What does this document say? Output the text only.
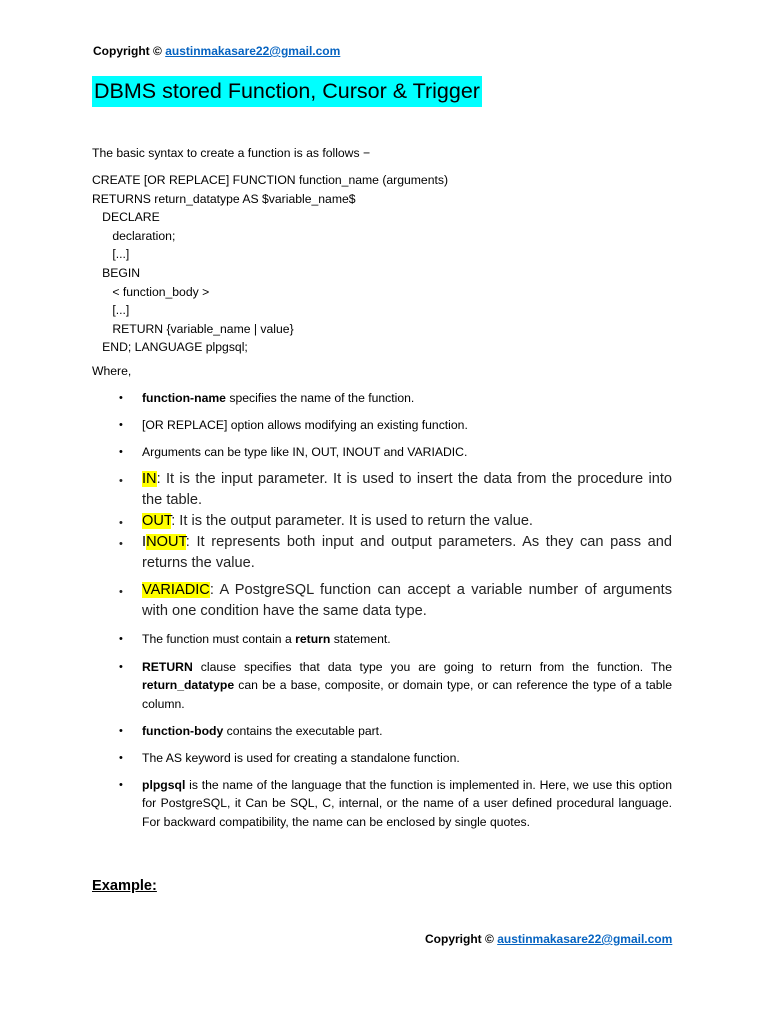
Copyright © austinmakasare22@gmail.com
DBMS stored Function, Cursor & Trigger
The basic syntax to create a function is as follows −
CREATE [OR REPLACE] FUNCTION function_name (arguments)
RETURNS return_datatype AS $variable_name$
DECLARE
declaration;
[...]
BEGIN
< function_body >
[...]
RETURN {variable_name | value}
END; LANGUAGE plpgsql;
Where,
• function-name specifies the name of the function.
• [OR REPLACE] option allows modifying an existing function.
• Arguments can be type like IN, OUT, INOUT and VARIADIC.
• IN: It is the input parameter. It is used to insert the data from the procedure into the table.
• OUT: It is the output parameter. It is used to return the value.
• INOUT: It represents both input and output parameters. As they can pass and returns the value.
• VARIADIC: A PostgreSQL function can accept a variable number of arguments with one condition have the same data type.
• The function must contain a return statement.
• RETURN clause specifies that data type you are going to return from the function. The return_datatype can be a base, composite, or domain type, or can reference the type of a table column.
• function-body contains the executable part.
• The AS keyword is used for creating a standalone function.
• plpgsql is the name of the language that the function is implemented in. Here, we use this option for PostgreSQL, it Can be SQL, C, internal, or the name of a user defined procedural language. For backward compatibility, the name can be enclosed by single quotes.
Example:
Copyright © austinmakasare22@gmail.com
